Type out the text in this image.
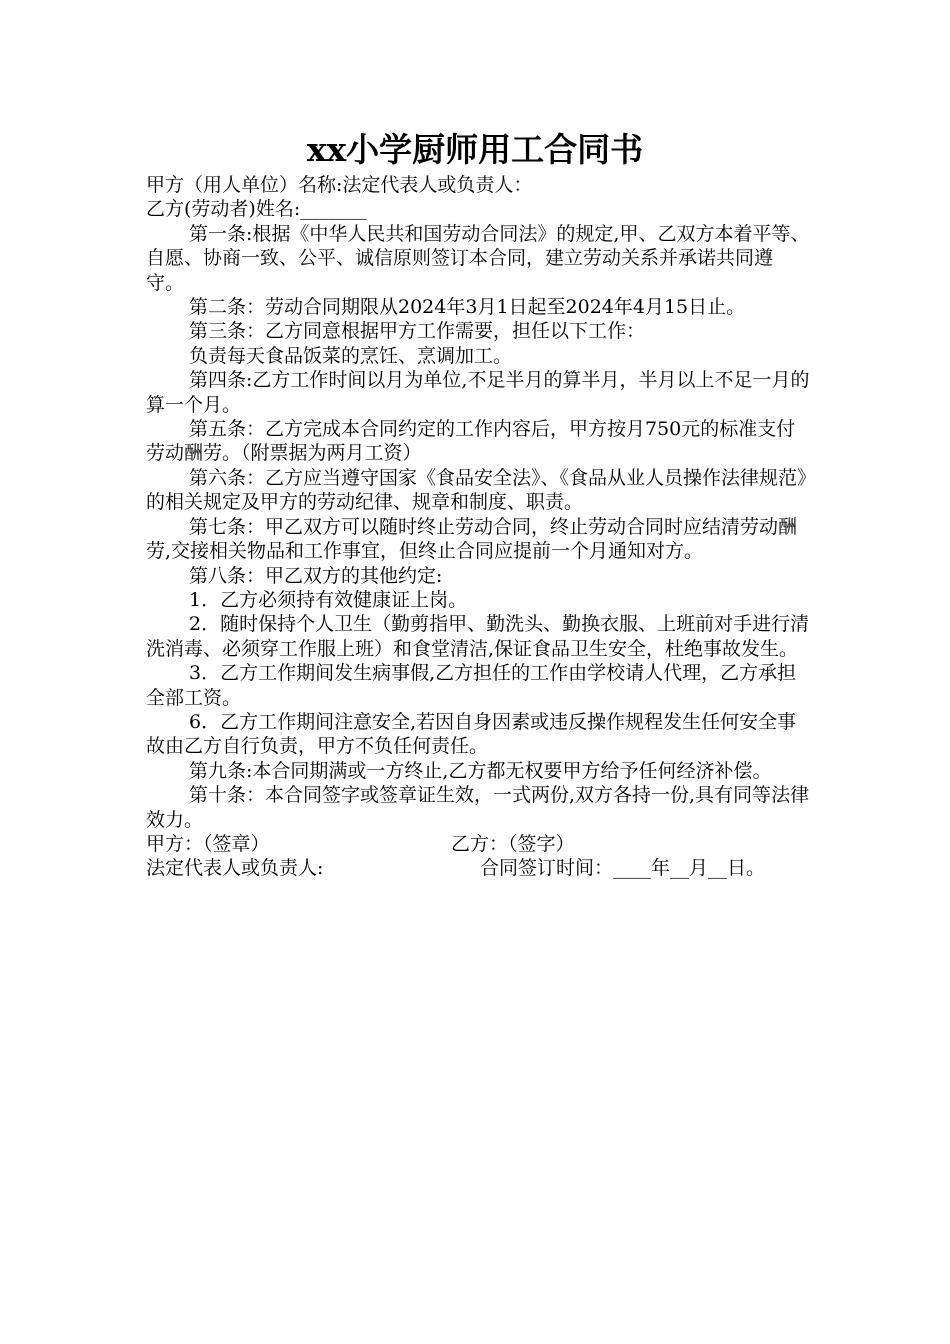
xx小学厨师用工合同书

甲方（用人单位）名称:法定代表人或负责人：

乙方(劳动者)姓名:_______

第一条:根据《中华人民共和国劳动合同法》的规定,甲、乙双方本着平等、自愿、协商一致、公平、诚信原则签订本合同，建立劳动关系并承诺共同遵守。

第二条：劳动合同期限从2024年3月1日起至2024年4月15日止。

第三条：乙方同意根据甲方工作需要，担任以下工作：

负责每天食品饭菜的烹饪、烹调加工。

第四条:乙方工作时间以月为单位,不足半月的算半月，半月以上不足一月的算一个月。

第五条：乙方完成本合同约定的工作内容后，甲方按月750元的标准支付劳动酬劳。（附票据为两月工资）

第六条：乙方应当遵守国家《食品安全法》、《食品从业人员操作法律规范》的相关规定及甲方的劳动纪律、规章和制度、职责。

第七条：甲乙双方可以随时终止劳动合同，终止劳动合同时应结清劳动酬劳,交接相关物品和工作事宜，但终止合同应提前一个月通知对方。

第八条：甲乙双方的其他约定:

1．乙方必须持有效健康证上岗。

2．随时保持个人卫生（勤剪指甲、勤洗头、勤换衣服、上班前对手进行清洗消毒、必须穿工作服上班）和食堂清洁,保证食品卫生安全，杜绝事故发生。

3．乙方工作期间发生病事假,乙方担任的工作由学校请人代理，乙方承担全部工资。

6．乙方工作期间注意安全,若因自身因素或违反操作规程发生任何安全事故由乙方自行负责，甲方不负任何责任。

第九条:本合同期满或一方终止,乙方都无权要甲方给予任何经济补偿。

第十条：本合同签字或签章证生效，一式两份,双方各持一份,具有同等法律效力。

甲方：（签章）	乙方：（签字）
法定代表人或负责人:	合同签订时间：____年__月__日。
